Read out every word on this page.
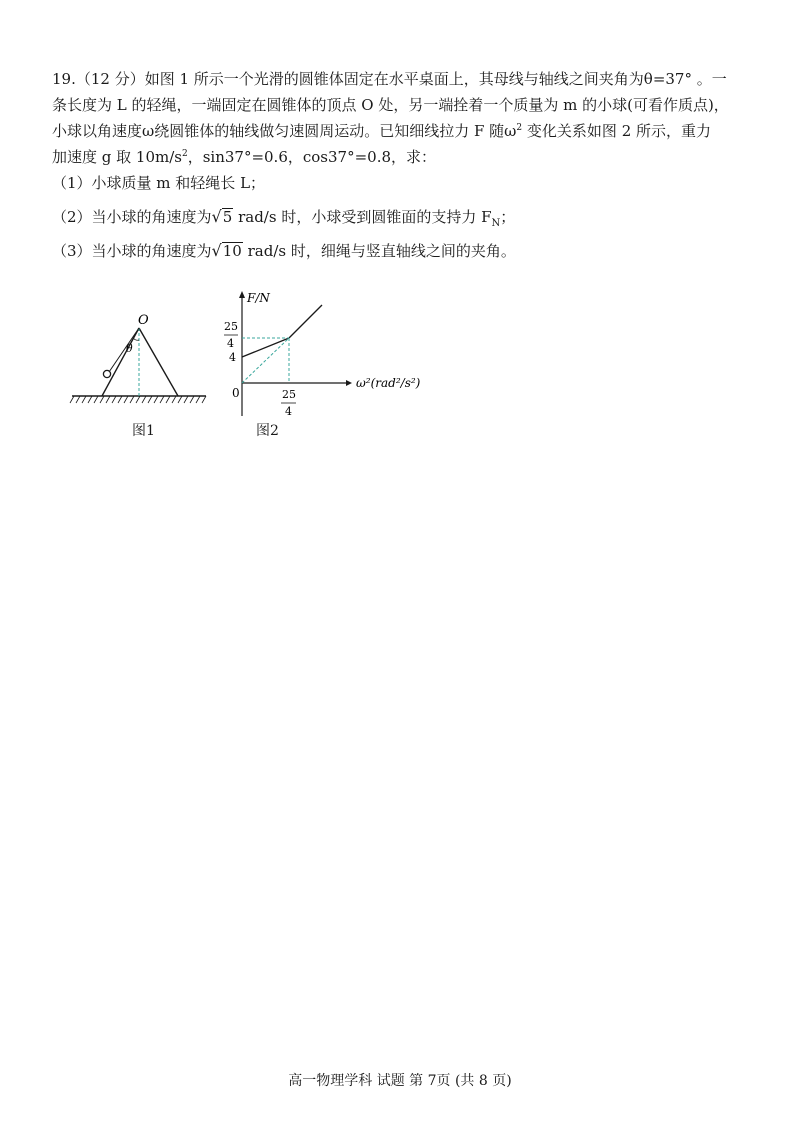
19.（12 分）如图 1 所示一个光滑的圆锥体固定在水平桌面上，其母线与轴线之间夹角为θ=37° 。一
条长度为 L 的轻绳，一端固定在圆锥体的顶点 O 处，另一端拴着一个质量为 m 的小球(可看作质点)，
小球以角速度ω绕圆锥体的轴线做匀速圆周运动。已知细线拉力 F 随$\omega^2$ 变化关系如图 2 所示，重力
加速度 g 取 $10m/s^2$，sin37°=0.6，cos37°=0.8，求：
（1）小球质量 m 和轻绳长 L；
（2）当小球的角速度为√5 rad/s 时，小球受到圆锥面的支持力 $F_N$；
（3）当小球的角速度为√10 rad/s 时，细绳与竖直轴线之间的夹角。
O
θ
图1
F/N
ω²(rad²/s²)
0
25
4
4
25
4
图2
高一物理学科 试题 第 7页 (共 8 页)
